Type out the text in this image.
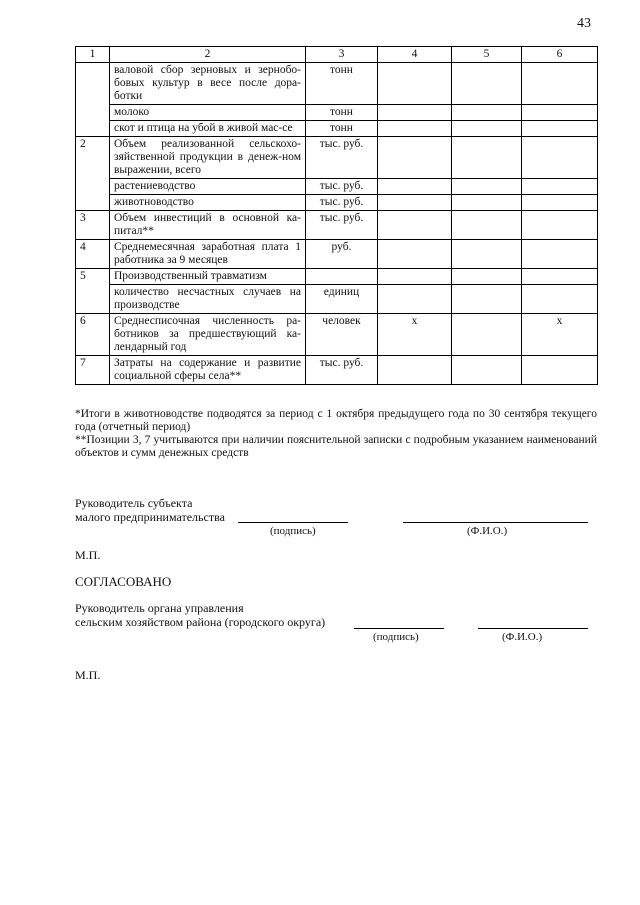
43
1	2	3	4	5	6
	валовой сбор зерновых и зернобо-бовых культур в весе после дора-ботки	тонн			
	молоко	тонн			
	скот и птица на убой в живой мас-се	тонн			
2	Объем реализованной сельскохо-зяйственной продукции в денеж-ном выражении, всего	тыс. руб.			
	растениеводство	тыс. руб.			
	животноводство	тыс. руб.			
3	Объем инвестиций в основной ка-питал**	тыс. руб.			
4	Среднемесячная заработная плата 1 работника за 9 месяцев	руб.			
5	Производственный травматизм				
	количество несчастных случаев на производстве	единиц			
6	Среднесписочная численность ра-ботников за предшествующий ка-лендарный год	человек	х		х
7	Затраты на содержание и развитие социальной сферы села**	тыс. руб.			

*Итоги в животноводстве подводятся за период с 1 октября предыдущего года по 30 сентября текущего года (отчетный период)

**Позиции 3, 7 учитываются при наличии пояснительной записки с подробным указанием наименований объектов и сумм денежных средств

Руководитель субъекта
малого предпринимательства
(подпись)	(Ф.И.О.)
М.П.
СОГЛАСОВАНО
Руководитель органа управления
сельским хозяйством района (городского округа)
(подпись)	(Ф.И.О.)
М.П.
